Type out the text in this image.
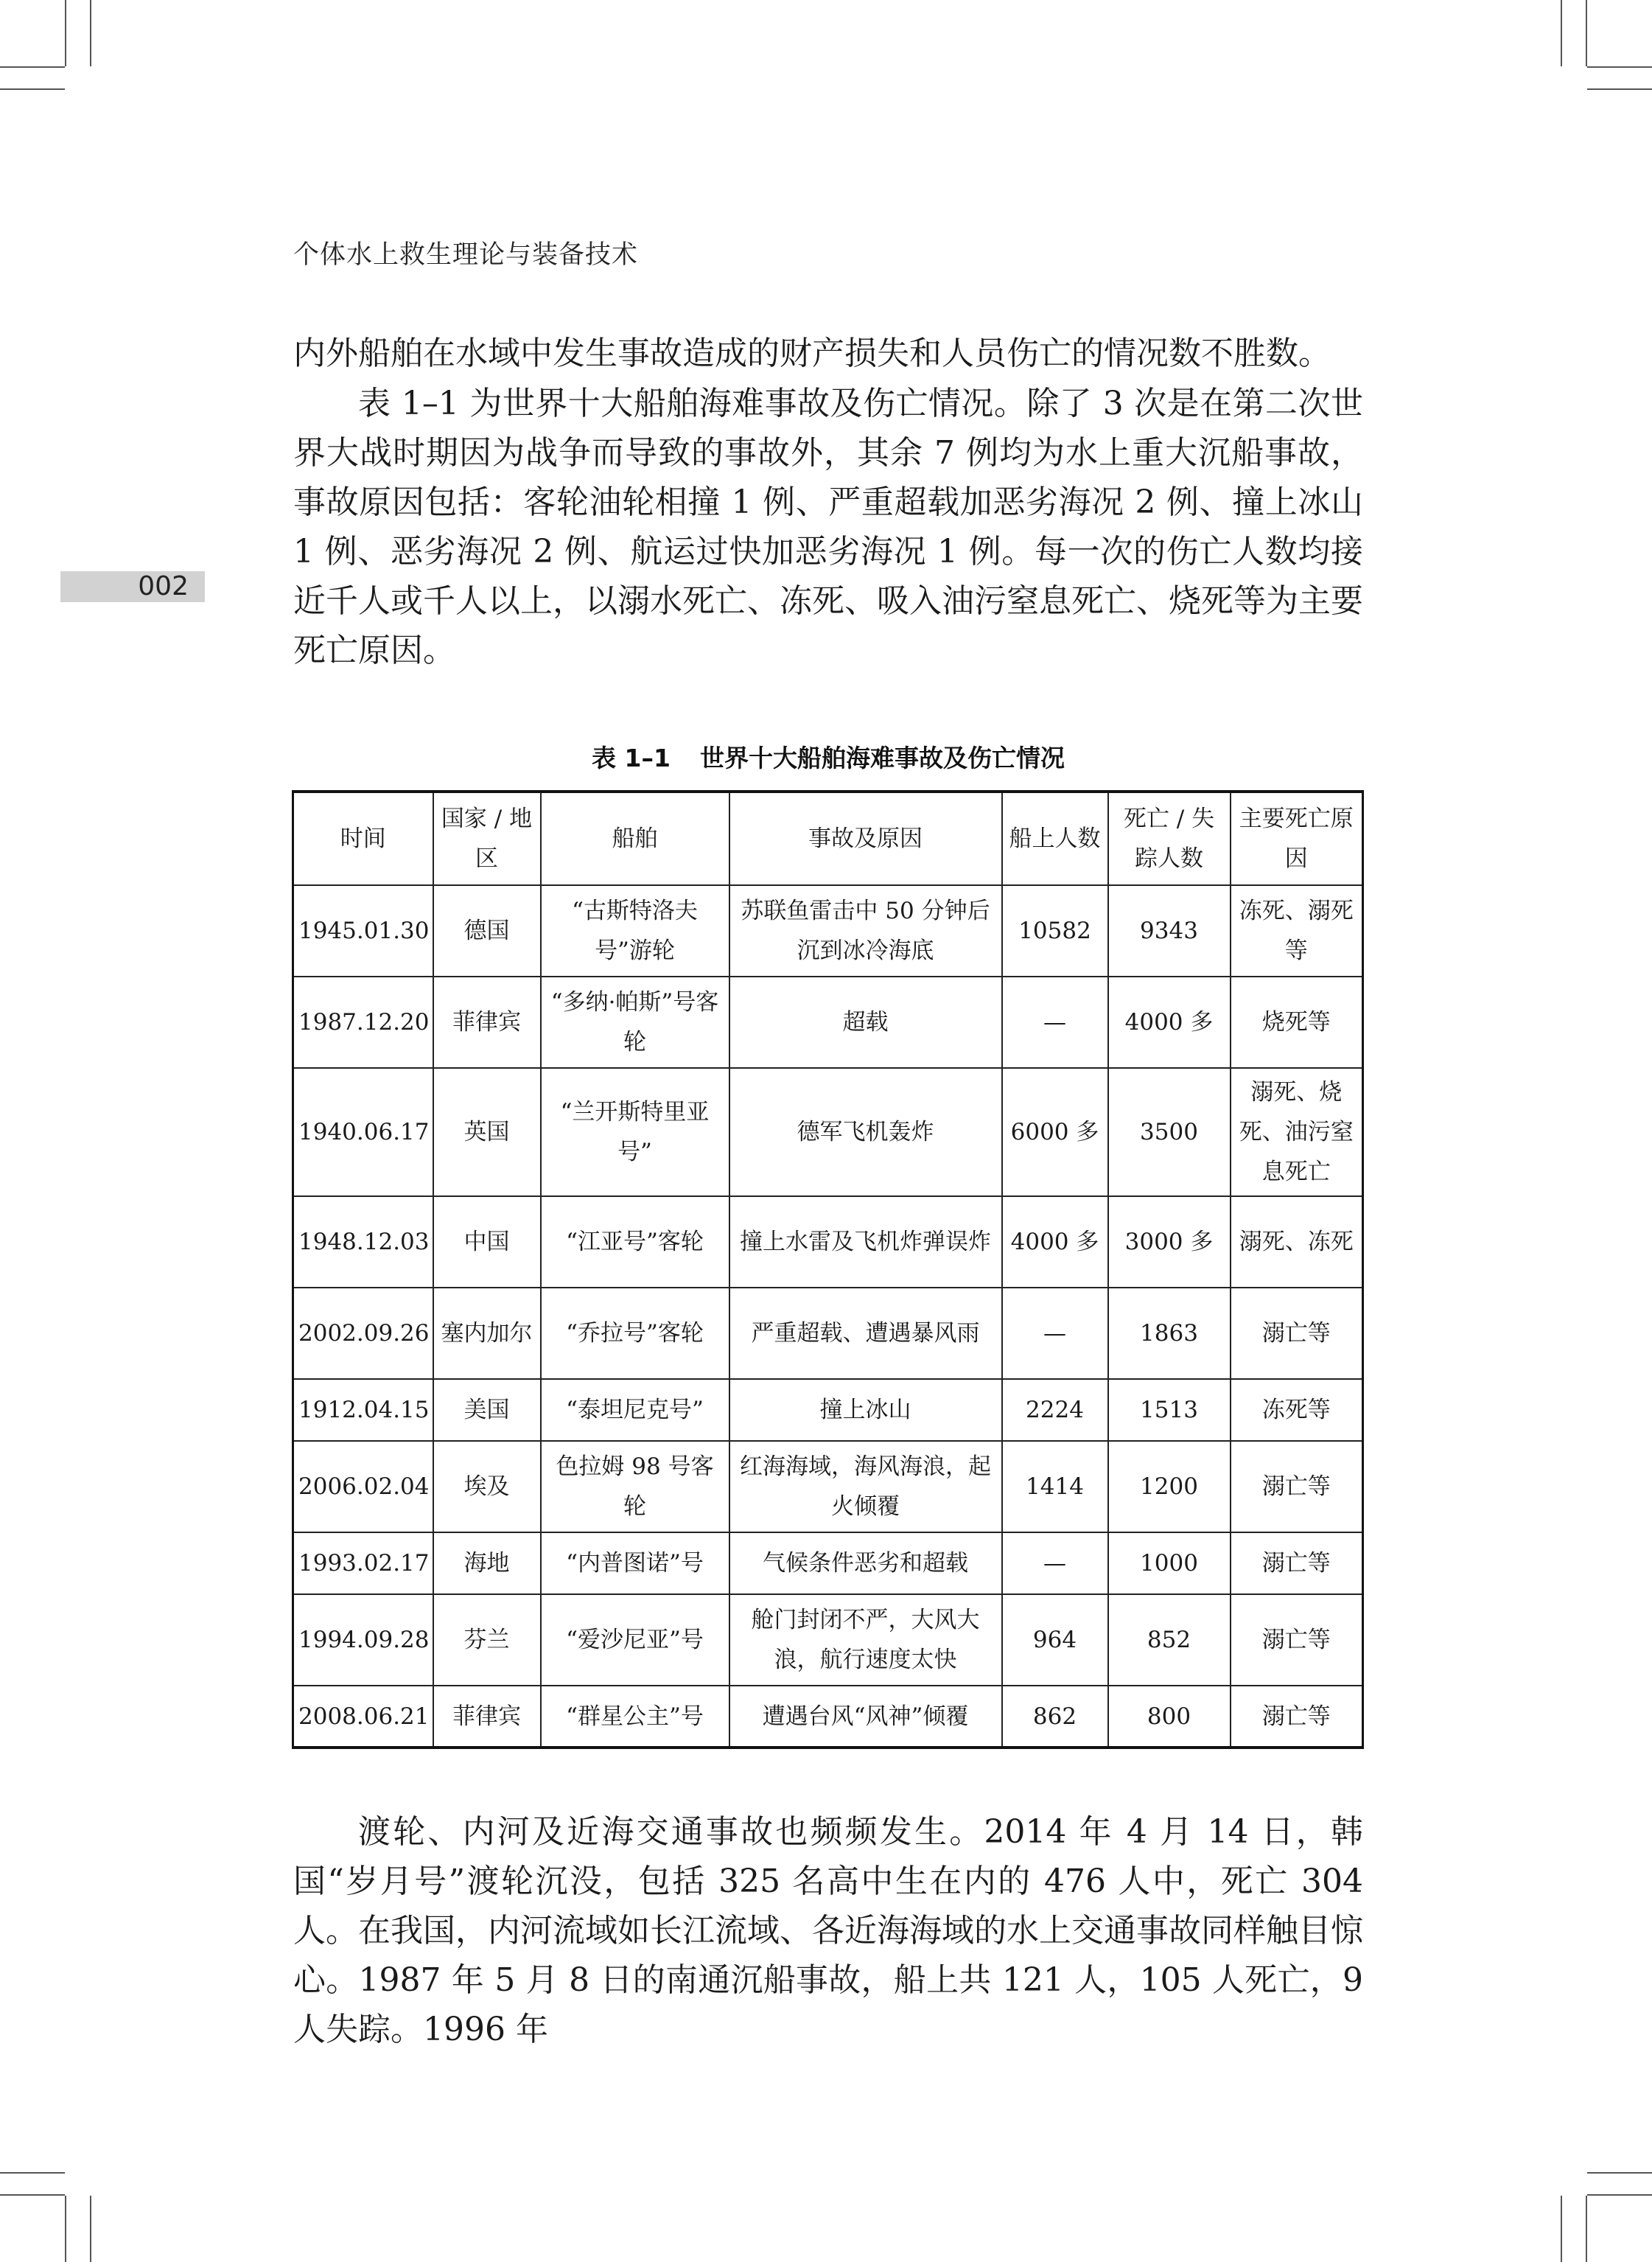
个体水上救生理论与装备技术
002

内外船舶在水域中发生事故造成的财产损失和人员伤亡的情况数不胜数。

表 1–1 为世界十大船舶海难事故及伤亡情况。除了 3 次是在第二次世界大战时期因为战争而导致的事故外，其余 7 例均为水上重大沉船事故，事故原因包括：客轮油轮相撞 1 例、严重超载加恶劣海况 2 例、撞上冰山 1 例、恶劣海况 2 例、航运过快加恶劣海况 1 例。每一次的伤亡人数均接近千人或千人以上，以溺水死亡、冻死、吸入油污窒息死亡、烧死等为主要死亡原因。

表 1–1 世界十大船舶海难事故及伤亡情况
时间	国家 / 地区	船舶	事故及原因	船上人数	死亡 / 失踪人数	主要死亡原因
1945.01.30	德国	“古斯特洛夫号”游轮	苏联鱼雷击中 50 分钟后沉到冰冷海底	10582	9343	冻死、溺死等
1987.12.20	菲律宾	“多纳·帕斯”号客轮	超载	—	4000 多	烧死等
1940.06.17	英国	“兰开斯特里亚号”	德军飞机轰炸	6000 多	3500	溺死、烧死、油污窒息死亡
1948.12.03	中国	“江亚号”客轮	撞上水雷及飞机炸弹误炸	4000 多	3000 多	溺死、冻死
2002.09.26	塞内加尔	“乔拉号”客轮	严重超载、遭遇暴风雨	—	1863	溺亡等
1912.04.15	美国	“泰坦尼克号”	撞上冰山	2224	1513	冻死等
2006.02.04	埃及	色拉姆 98 号客轮	红海海域，海风海浪，起火倾覆	1414	1200	溺亡等
1993.02.17	海地	“内普图诺”号	气候条件恶劣和超载	—	1000	溺亡等
1994.09.28	芬兰	“爱沙尼亚”号	舱门封闭不严，大风大浪，航行速度太快	964	852	溺亡等
2008.06.21	菲律宾	“群星公主”号	遭遇台风“风神”倾覆	862	800	溺亡等

渡轮、内河及近海交通事故也频频发生。2014 年 4 月 14 日，韩国“岁月号”渡轮沉没，包括 325 名高中生在内的 476 人中，死亡 304 人。在我国，内河流域如长江流域、各近海海域的水上交通事故同样触目惊心。1987 年 5 月 8 日的南通沉船事故，船上共 121 人，105 人死亡，9 人失踪。1996 年
